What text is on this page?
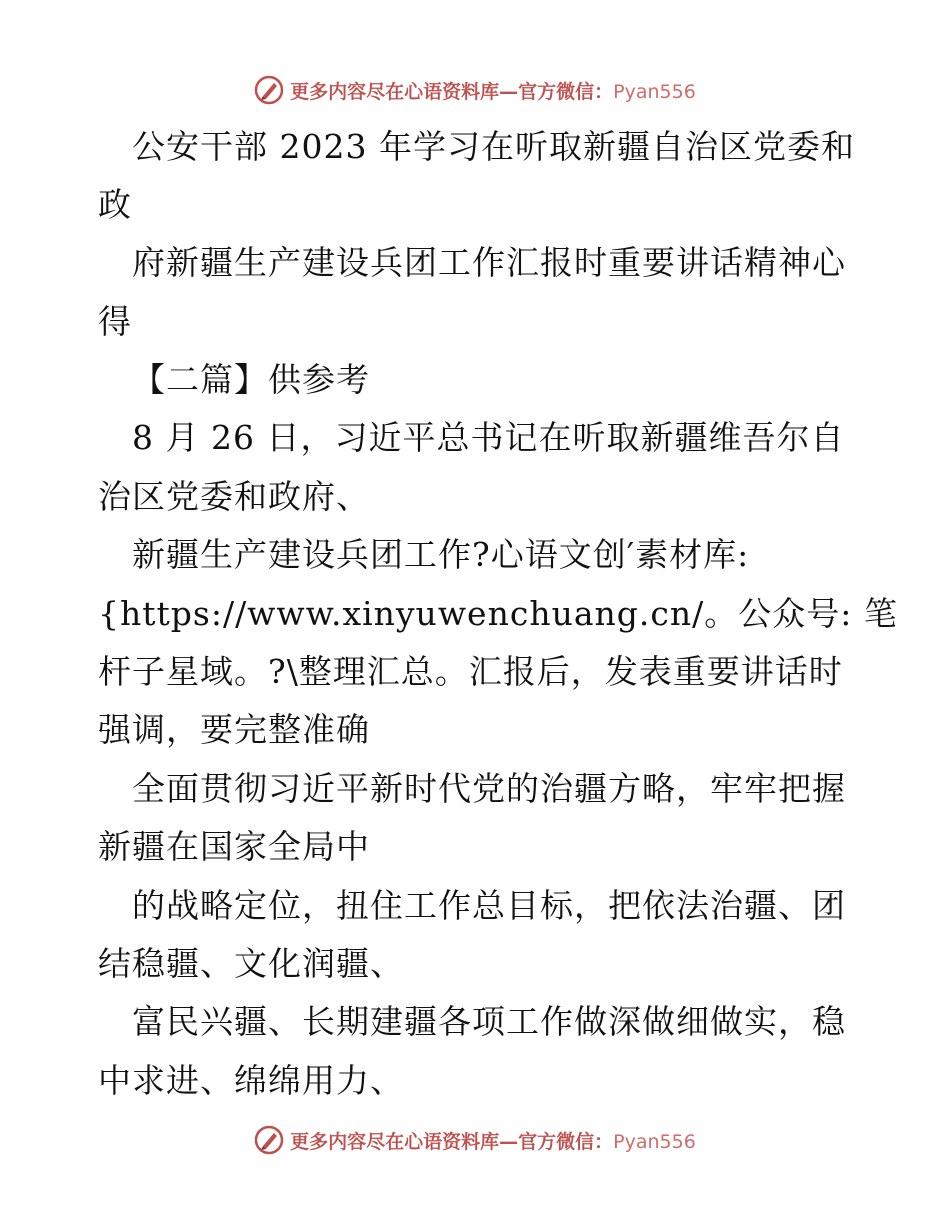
更多内容尽在心语资料库—官方微信：Pyan556
公安干部 2023 年学习在听取新疆自治区党委和
政
府新疆生产建设兵团工作汇报时重要讲话精神心
得
【二篇】供参考
8 月 26 日，习近平总书记在听取新疆维吾尔自
治区党委和政府、
新疆生产建设兵团工作?心语文创′素材库:
{https://www.xinyuwenchuang.cn/。公众号: 笔
杆子星域。?\整理汇总。汇报后，发表重要讲话时
强调，要完整准确
全面贯彻习近平新时代党的治疆方略，牢牢把握
新疆在国家全局中
的战略定位，扭住工作总目标，把依法治疆、团
结稳疆、文化润疆、
富民兴疆、长期建疆各项工作做深做细做实，稳
中求进、绵绵用力、
更多内容尽在心语资料库—官方微信：Pyan556
